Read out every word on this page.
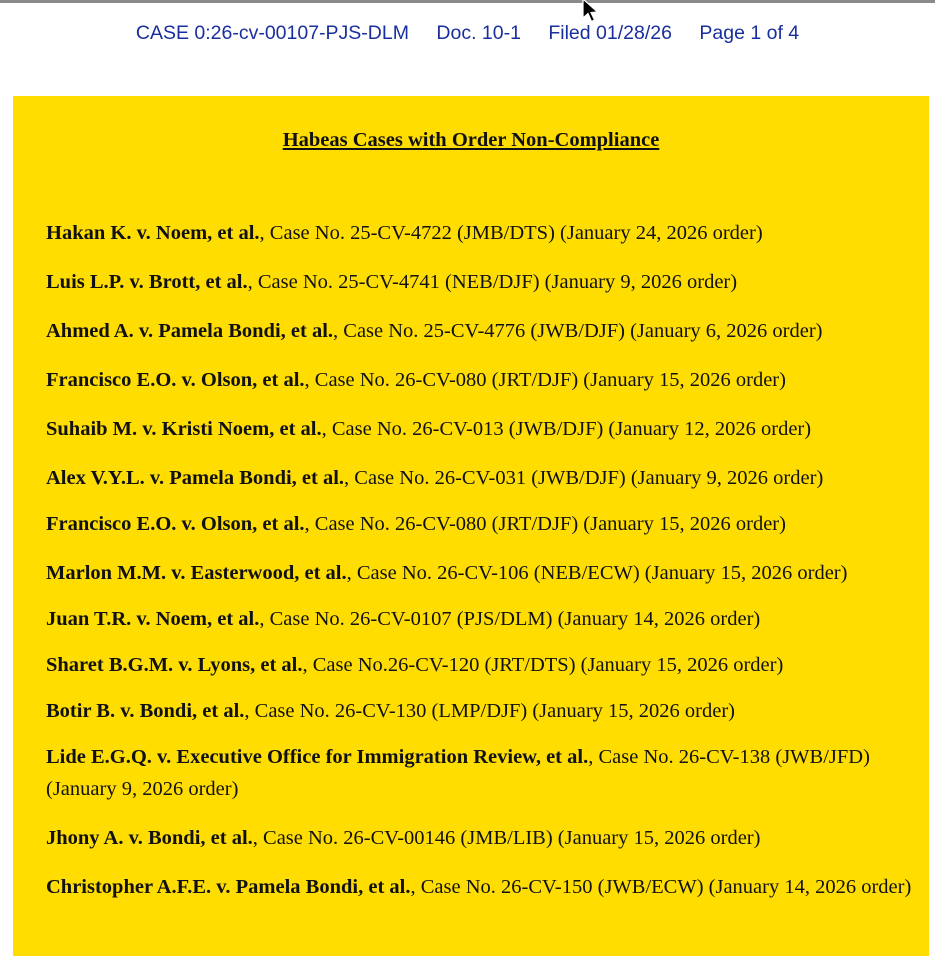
CASE 0:26-cv-00107-PJS-DLM Doc. 10-1 Filed 01/28/26 Page 1 of 4
Habeas Cases with Order Non-Compliance
Hakan K. v. Noem, et al., Case No. 25-CV-4722 (JMB/DTS) (January 24, 2026 order)
Luis L.P. v. Brott, et al., Case No. 25-CV-4741 (NEB/DJF) (January 9, 2026 order)
Ahmed A. v. Pamela Bondi, et al., Case No. 25-CV-4776 (JWB/DJF) (January 6, 2026 order)
Francisco E.O. v. Olson, et al., Case No. 26-CV-080 (JRT/DJF) (January 15, 2026 order)
Suhaib M. v. Kristi Noem, et al., Case No. 26-CV-013 (JWB/DJF) (January 12, 2026 order)
Alex V.Y.L. v. Pamela Bondi, et al., Case No. 26-CV-031 (JWB/DJF) (January 9, 2026 order)
Francisco E.O. v. Olson, et al., Case No. 26-CV-080 (JRT/DJF) (January 15, 2026 order)
Marlon M.M. v. Easterwood, et al., Case No. 26-CV-106 (NEB/ECW) (January 15, 2026 order)
Juan T.R. v. Noem, et al., Case No. 26-CV-0107 (PJS/DLM) (January 14, 2026 order)
Sharet B.G.M. v. Lyons, et al., Case No.26-CV-120 (JRT/DTS) (January 15, 2026 order)
Botir B. v. Bondi, et al., Case No. 26-CV-130 (LMP/DJF) (January 15, 2026 order)
Lide E.G.Q. v. Executive Office for Immigration Review, et al., Case No. 26-CV-138 (JWB/JFD) (January 9, 2026 order)
Jhony A. v. Bondi, et al., Case No. 26-CV-00146 (JMB/LIB) (January 15, 2026 order)
Christopher A.F.E. v. Pamela Bondi, et al., Case No. 26-CV-150 (JWB/ECW) (January 14, 2026 order)
